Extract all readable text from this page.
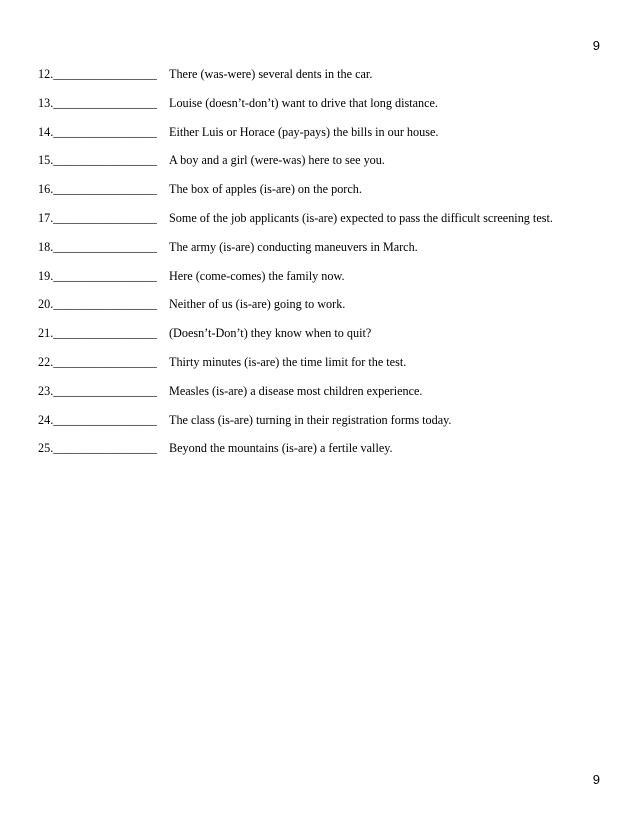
9
12._________________ There (was-were) several dents in the car.
13._________________ Louise (doesn’t-don’t) want to drive that long distance.
14._________________ Either Luis or Horace (pay-pays) the bills in our house.
15._________________ A boy and a girl (were-was) here to see you.
16._________________ The box of apples (is-are) on the porch.
17._________________ Some of the job applicants (is-are) expected to pass the difficult screening test.
18._________________ The army (is-are) conducting maneuvers in March.
19._________________ Here (come-comes) the family now.
20._________________ Neither of us (is-are) going to work.
21._________________ (Doesn’t-Don’t) they know when to quit?
22._________________ Thirty minutes (is-are) the time limit for the test.
23._________________ Measles (is-are) a disease most children experience.
24._________________ The class (is-are) turning in their registration forms today.
25._________________ Beyond the mountains (is-are) a fertile valley.
9
